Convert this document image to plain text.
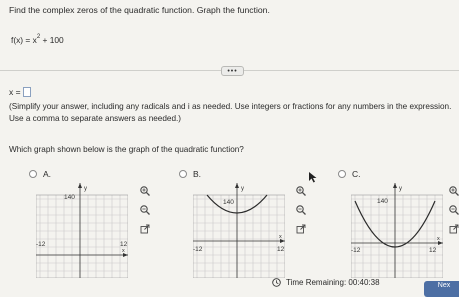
Find the complex zeros of the quadratic function. Graph the function.
$f(x) = x^2 + 100$
•••
x =
(Simplify your answer, including any radicals and i as needed. Use integers or fractions for any numbers in the expression. Use a comma to separate answers as needed.)
Which graph shown below is the graph of the quadratic function?
A.
y
140
x
-12	12
B.
y
140
x
-12	12
C.
y
140
x
-12	12
Time Remaining:
00:40:38	Nex
